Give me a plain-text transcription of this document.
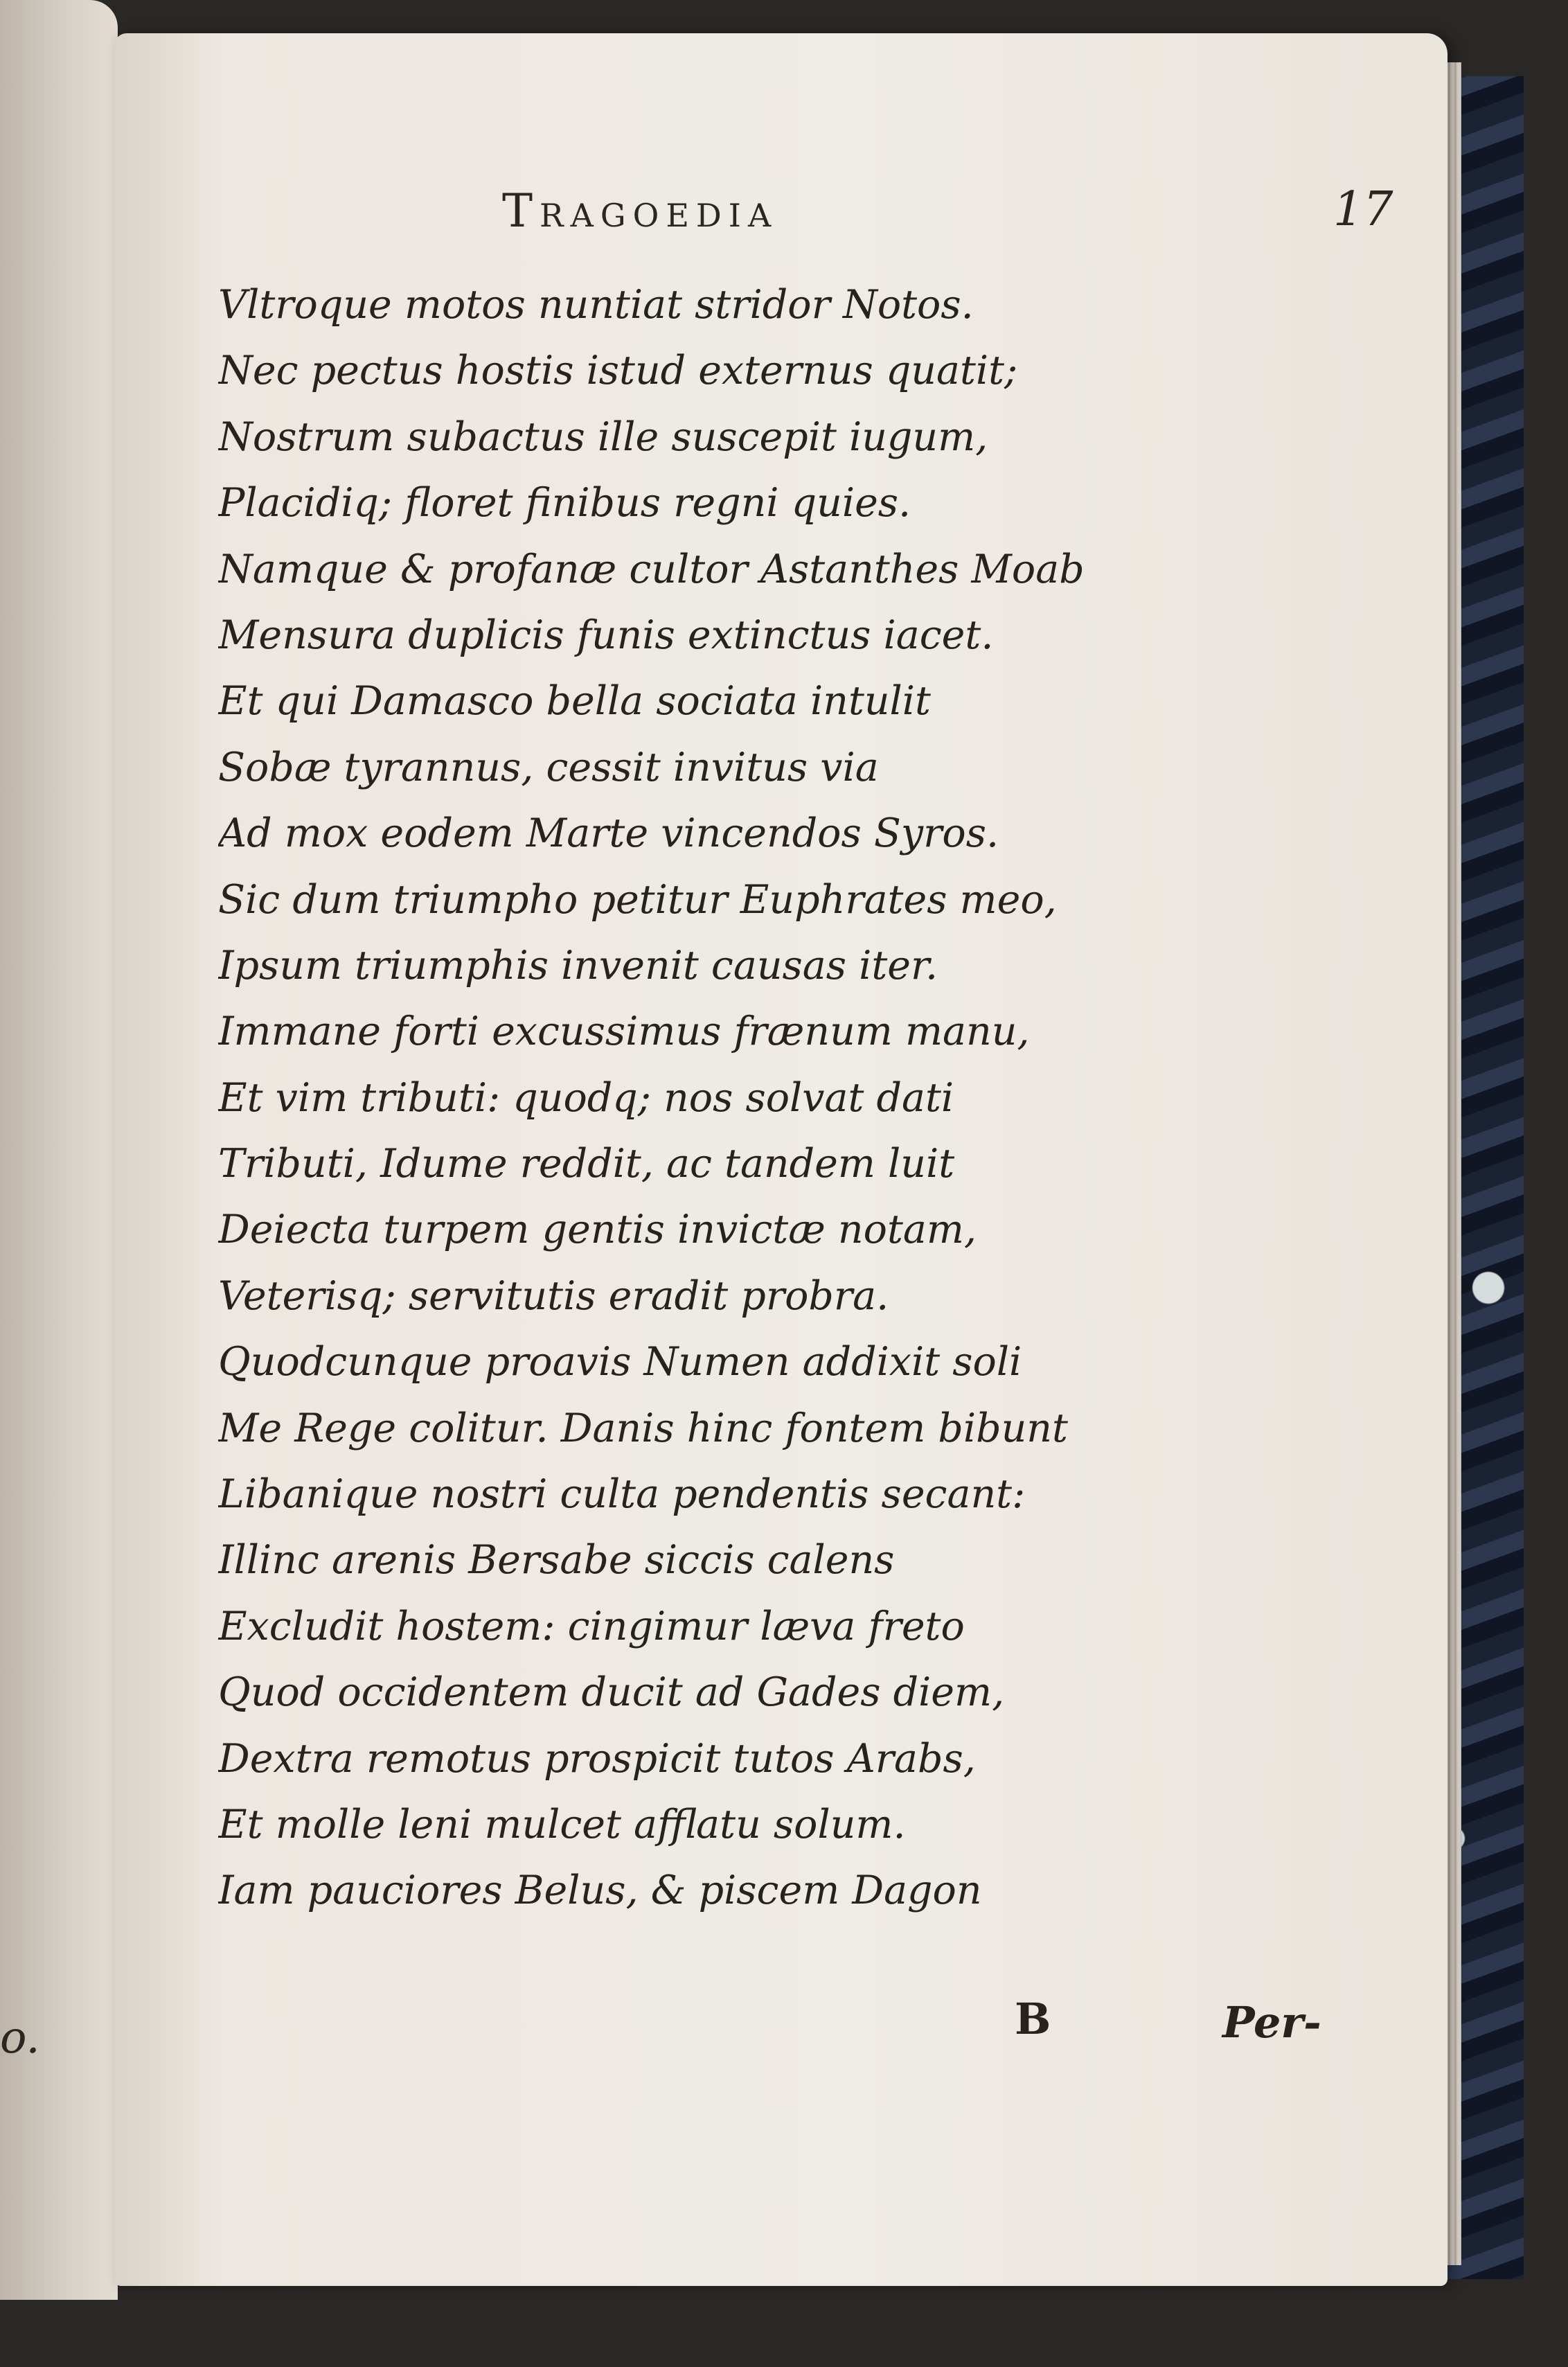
o.
Tragoedia	17
Vltroque motos nuntiat stridor Notos.
Nec pectus hostis istud externus quatit;
Nostrum subactus ille suscepit iugum,
Placidiq; floret finibus regni quies.
Namque & profanæ cultor Astanthes Moab
Mensura duplicis funis extinctus iacet.
Et qui Damasco bella sociata intulit
Sobæ tyrannus, cessit invitus via
Ad mox eodem Marte vincendos Syros.
Sic dum triumpho petitur Euphrates meo,
Ipsum triumphis invenit causas iter.
Immane forti excussimus frænum manu,
Et vim tributi: quodq; nos solvat dati
Tributi, Idume reddit, ac tandem luit
Deiecta turpem gentis invictæ notam,
Veterisq; servitutis eradit probra.
Quodcunque proavis Numen addixit soli
Me Rege colitur. Danis hinc fontem bibunt
Libanique nostri culta pendentis secant:
Illinc arenis Bersabe siccis calens
Excludit hostem: cingimur læva freto
Quod occidentem ducit ad Gades diem,
Dextra remotus prospicit tutos Arabs,
Et molle leni mulcet afflatu solum.
Iam pauciores Belus, & piscem Dagon
B	Per-
